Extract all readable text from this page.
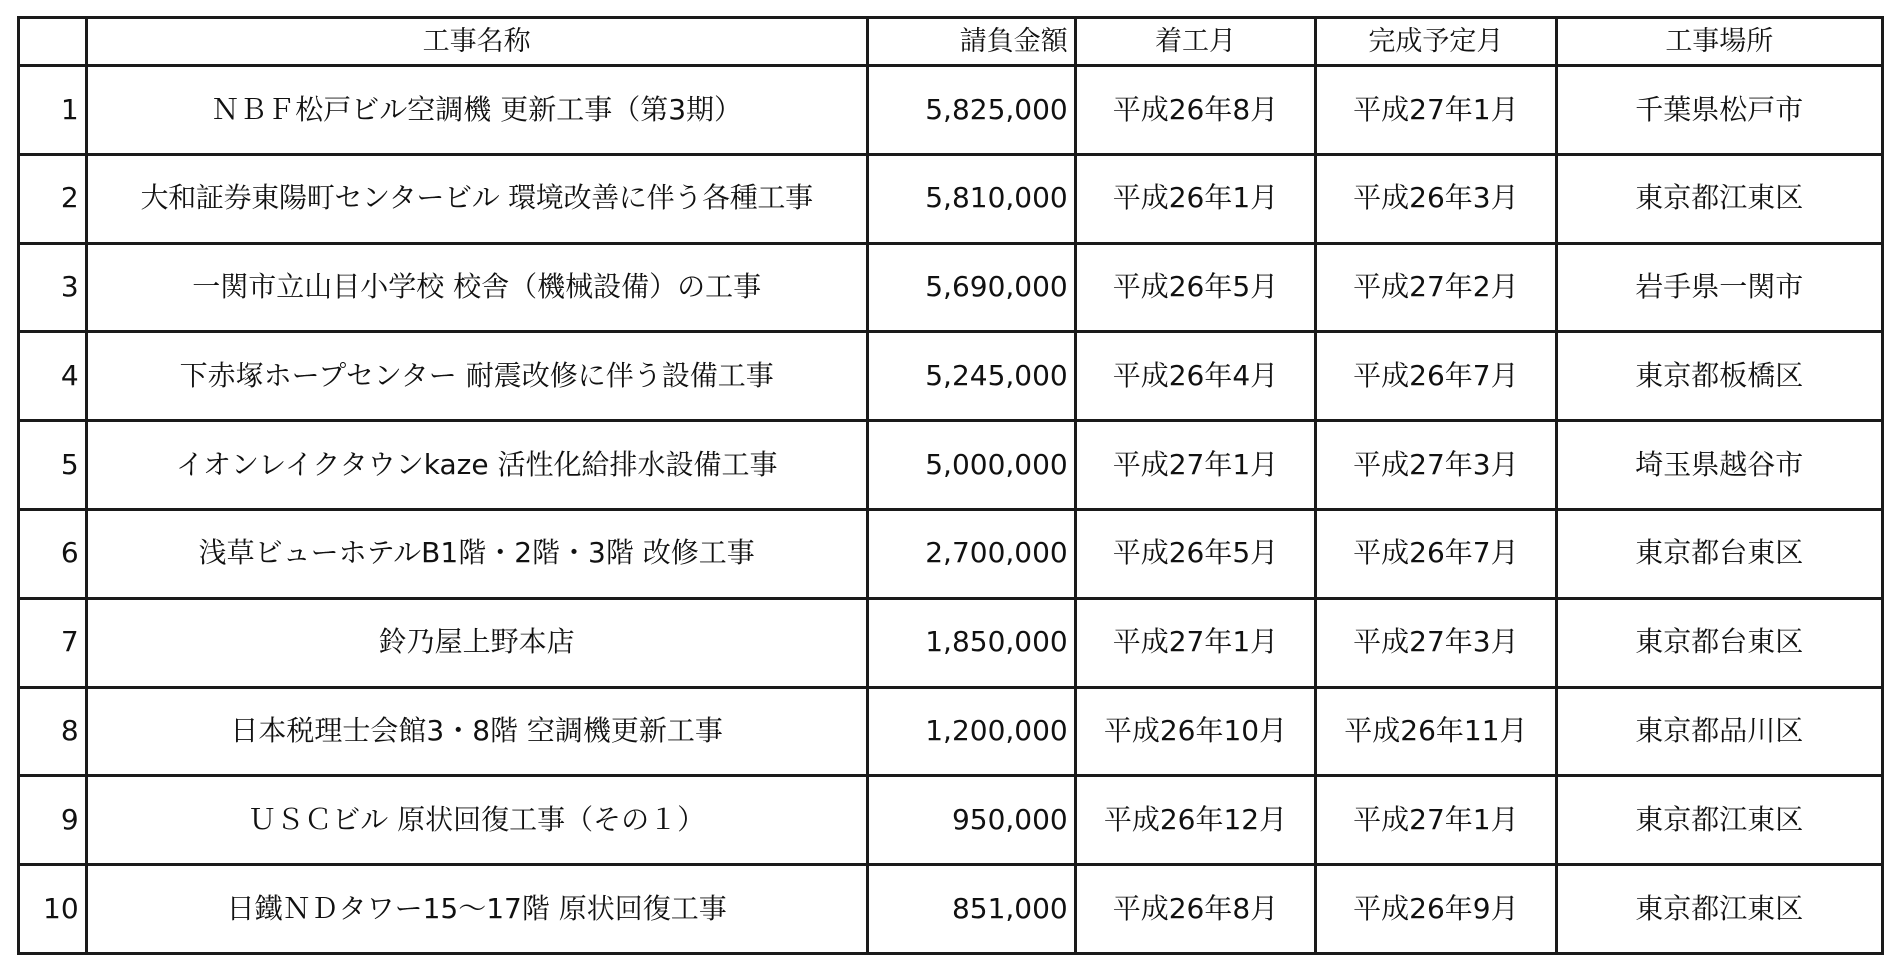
	工事名称	請負金額	着工月	完成予定月	工事場所
1	ＮＢＦ松戸ビル空調機 更新工事（第3期）	5,825,000	平成26年8月	平成27年1月	千葉県松戸市
2	大和証券東陽町センタービル 環境改善に伴う各種工事	5,810,000	平成26年1月	平成26年3月	東京都江東区
3	一関市立山目小学校 校舎（機械設備）の工事	5,690,000	平成26年5月	平成27年2月	岩手県一関市
4	下赤塚ホープセンター 耐震改修に伴う設備工事	5,245,000	平成26年4月	平成26年7月	東京都板橋区
5	イオンレイクタウンkaze 活性化給排水設備工事	5,000,000	平成27年1月	平成27年3月	埼玉県越谷市
6	浅草ビューホテルB1階・2階・3階 改修工事	2,700,000	平成26年5月	平成26年7月	東京都台東区
7	鈴乃屋上野本店	1,850,000	平成27年1月	平成27年3月	東京都台東区
8	日本税理士会館3・8階 空調機更新工事	1,200,000	平成26年10月	平成26年11月	東京都品川区
9	ＵＳＣビル 原状回復工事（その１）	950,000	平成26年12月	平成27年1月	東京都江東区
10	日鐵ＮＤタワー15～17階 原状回復工事	851,000	平成26年8月	平成26年9月	東京都江東区
